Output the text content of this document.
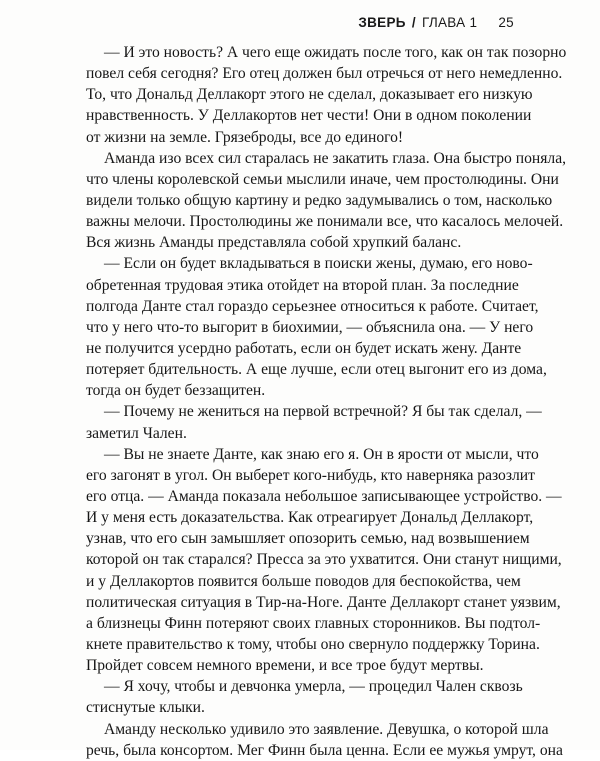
ЗВЕРЬ / ГЛАВА 1 25
— И это новость? А чего еще ожидать после того, как он так позорно
повел себя сегодня? Его отец должен был отречься от него немедленно.
То, что Дональд Деллакорт этого не сделал, доказывает его низкую
нравственность. У Деллакортов нет чести! Они в одном поколении
от жизни на земле. Грязеброды, все до единого!
Аманда изо всех сил старалась не закатить глаза. Она быстро поняла,
что члены королевской семьи мыслили иначе, чем простолюдины. Они
видели только общую картину и редко задумывались о том, насколько
важны мелочи. Простолюдины же понимали все, что касалось мелочей.
Вся жизнь Аманды представляла собой хрупкий баланс.
— Если он будет вкладываться в поиски жены, думаю, его ново-
обретенная трудовая этика отойдет на второй план. За последние
полгода Данте стал гораздо серьезнее относиться к работе. Считает,
что у него что-то выгорит в биохимии, — объяснила она. — У него
не получится усердно работать, если он будет искать жену. Данте
потеряет бдительность. А еще лучше, если отец выгонит его из дома,
тогда он будет беззащитен.
— Почему не жениться на первой встречной? Я бы так сделал, —
заметил Чален.
— Вы не знаете Данте, как знаю его я. Он в ярости от мысли, что
его загонят в угол. Он выберет кого-нибудь, кто наверняка разозлит
его отца. — Аманда показала небольшое записывающее устройство. —
И у меня есть доказательства. Как отреагирует Дональд Деллакорт,
узнав, что его сын замышляет опозорить семью, над возвышением
которой он так старался? Пресса за это ухватится. Они станут нищими,
и у Деллакортов появится больше поводов для беспокойства, чем
политическая ситуация в Тир-на-Ноге. Данте Деллакорт станет уязвим,
а близнецы Финн потеряют своих главных сторонников. Вы подтол-
кнете правительство к тому, чтобы оно свернуло поддержку Торина.
Пройдет совсем немного времени, и все трое будут мертвы.
— Я хочу, чтобы и девчонка умерла, — процедил Чален сквозь
стиснутые клыки.
Аманду несколько удивило это заявление. Девушка, о которой шла
речь, была консортом. Мег Финн была ценна. Если ее мужья умрут, она
